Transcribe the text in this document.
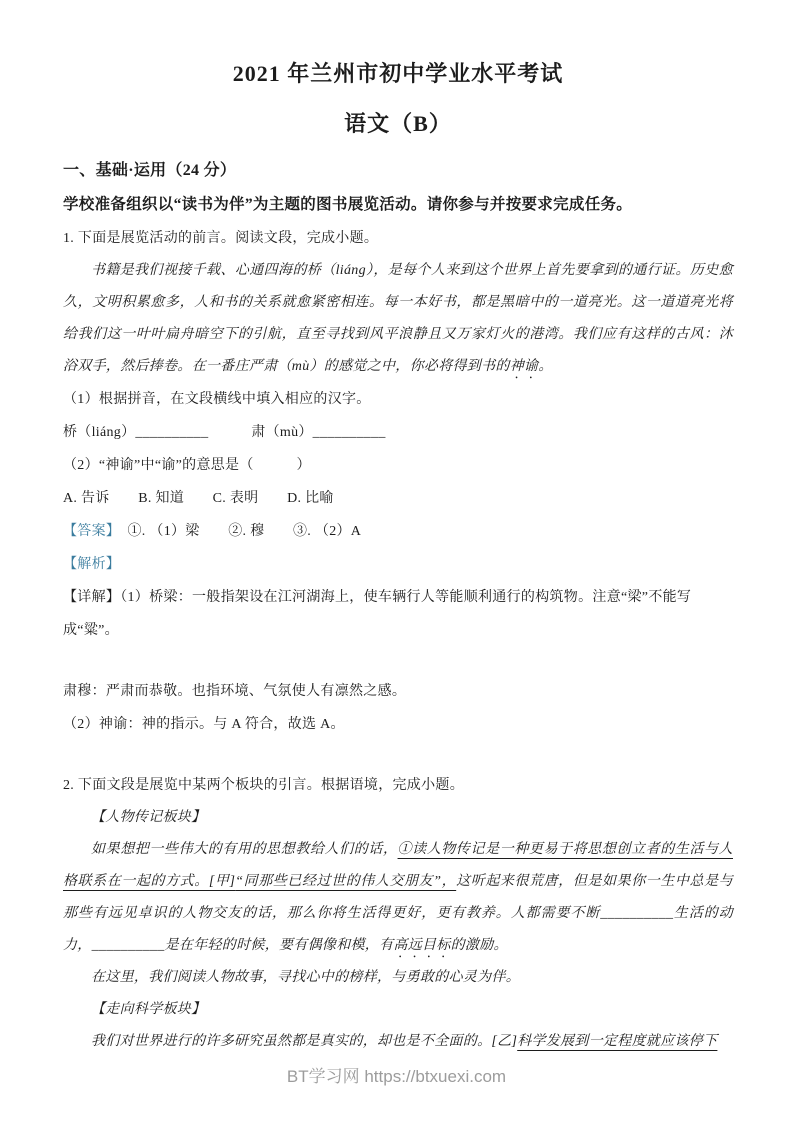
2021 年兰州市初中学业水平考试
语文（B）
一、基础·运用（24 分）
学校准备组织以“读书为伴”为主题的图书展览活动。请你参与并按要求完成任务。
1. 下面是展览活动的前言。阅读文段，完成小题。
书籍是我们视接千载、心通四海的桥（liáng），是每个人来到这个世界上首先要拿到的通行证。历史愈久，文明积累愈多，人和书的关系就愈紧密相连。每一本好书，都是黑暗中的一道亮光。这一道道亮光将给我们这一叶叶扁舟暗空下的引航，直至寻找到风平浪静且又万家灯火的港湾。我们应有这样的古风：沐浴双手，然后捧卷。在一番庄严肃（mù）的感觉之中，你必将得到书的神谕。
（1）根据拼音，在文段横线中填入相应的汉字。
桥（liáng）__________　　　肃（mù）__________
（2）“神谕”中“谕”的意思是（　　　）
A. 告诉　　B. 知道　　C. 表明　　D. 比喻
【答案】　①. （1）梁　　②. 穆　　③. （2）A
【解析】
【详解】（1）桥梁：一般指架设在江河湖海上，使车辆行人等能顺利通行的构筑物。注意“梁”不能写成“粱”。
肃穆：严肃而恭敬。也指环境、气氛使人有凛然之感。
（2）神谕：神的指示。与 A 符合，故选 A。
2. 下面文段是展览中某两个板块的引言。根据语境，完成小题。
【人物传记板块】
如果想把一些伟大的有用的思想教给人们的话，①读人物传记是一种更易于将思想创立者的生活与人格联系在一起的方式。[甲]“同那些已经过世的伟人交朋友”，这听起来很荒唐，但是如果你一生中总是与那些有远见卓识的人物交友的话，那么你将生活得更好，更有教养。人都需要不断__________生活的动力，__________是在年轻的时候，要有偶像和模，有高远目标的激励。
在这里，我们阅读人物故事，寻找心中的榜样，与勇敢的心灵为伴。
【走向科学板块】
我们对世界进行的许多研究虽然都是真实的，却也是不全面的。[乙]科学发展到一定程度就应该停下
BT学习网 https://btxuexi.com
